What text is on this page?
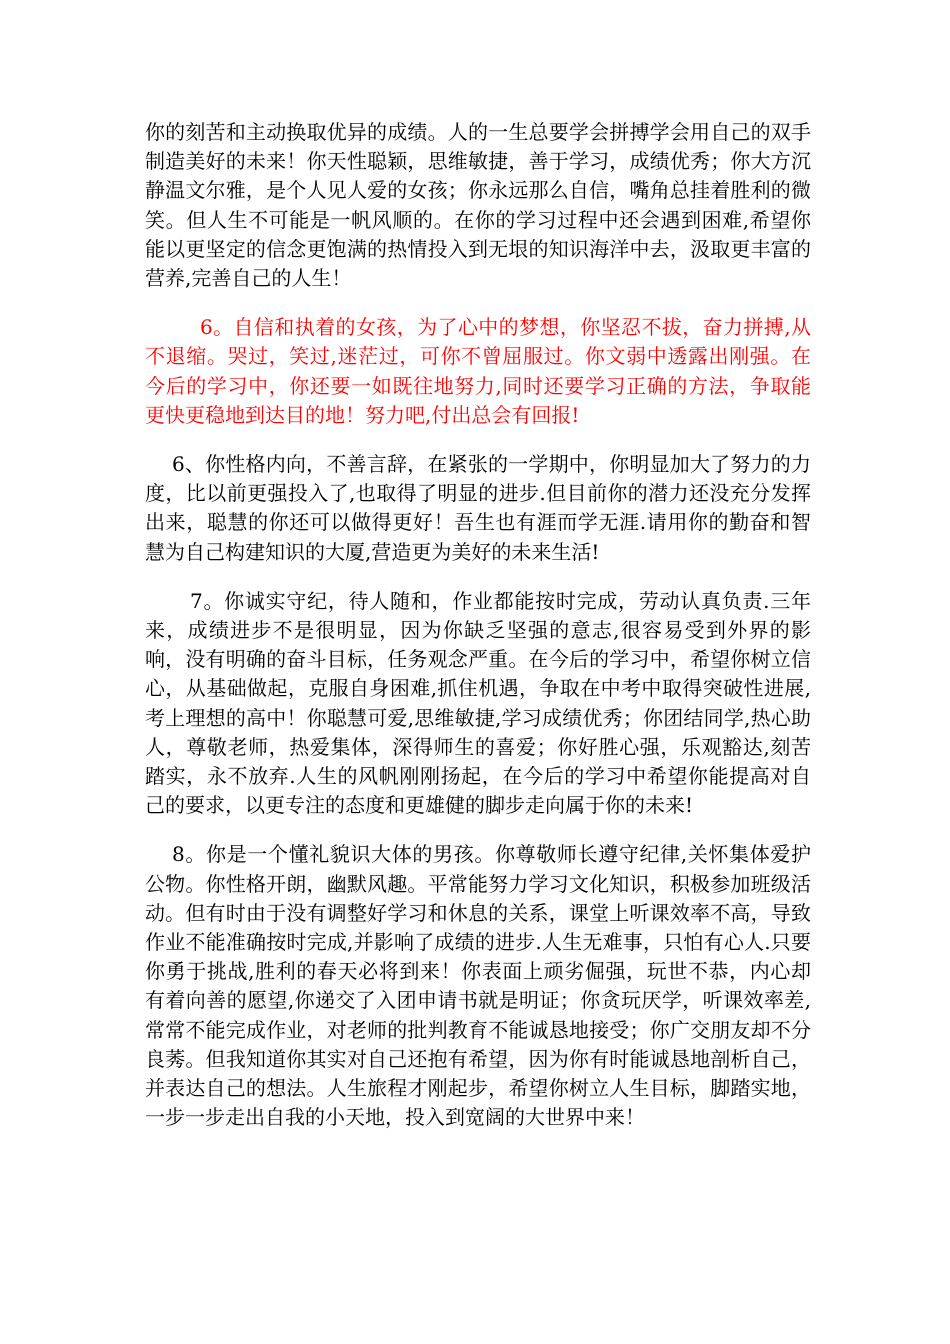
你的刻苦和主动换取优异的成绩。人的一生总要学会拼搏学会用自己的双手制造美好的未来！你天性聪颖，思维敏捷，善于学习，成绩优秀；你大方沉静温文尔雅，是个人见人爱的女孩；你永远那么自信，嘴角总挂着胜利的微笑。但人生不可能是一帆风顺的。在你的学习过程中还会遇到困难,希望你能以更坚定的信念更饱满的热情投入到无垠的知识海洋中去，汲取更丰富的营养,完善自己的人生！

6。自信和执着的女孩，为了心中的梦想，你坚忍不拔，奋力拼搏,从不退缩。哭过，笑过,迷茫过，可你不曾屈服过。你文弱中透露出刚强。在今后的学习中，你还要一如既往地努力,同时还要学习正确的方法，争取能更快更稳地到达目的地！努力吧,付出总会有回报!

6、你性格内向，不善言辞，在紧张的一学期中，你明显加大了努力的力度，比以前更强投入了,也取得了明显的进步.但目前你的潜力还没充分发挥出来，聪慧的你还可以做得更好！吾生也有涯而学无涯.请用你的勤奋和智慧为自己构建知识的大厦,营造更为美好的未来生活!

7。你诚实守纪，待人随和，作业都能按时完成，劳动认真负责.三年来，成绩进步不是很明显，因为你缺乏坚强的意志,很容易受到外界的影响，没有明确的奋斗目标，任务观念严重。在今后的学习中，希望你树立信心，从基础做起，克服自身困难,抓住机遇，争取在中考中取得突破性进展,考上理想的高中！你聪慧可爱,思维敏捷,学习成绩优秀；你团结同学,热心助人，尊敬老师，热爱集体，深得师生的喜爱；你好胜心强，乐观豁达,刻苦踏实，永不放弃.人生的风帆刚刚扬起，在今后的学习中希望你能提高对自己的要求，以更专注的态度和更雄健的脚步走向属于你的未来!

8。你是一个懂礼貌识大体的男孩。你尊敬师长遵守纪律,关怀集体爱护公物。你性格开朗，幽默风趣。平常能努力学习文化知识，积极参加班级活动。但有时由于没有调整好学习和休息的关系，课堂上听课效率不高，导致作业不能准确按时完成,并影响了成绩的进步.人生无难事，只怕有心人.只要你勇于挑战,胜利的春天必将到来！你表面上顽劣倔强，玩世不恭，内心却有着向善的愿望,你递交了入团申请书就是明证；你贪玩厌学，听课效率差,常常不能完成作业，对老师的批判教育不能诚恳地接受；你广交朋友却不分良莠。但我知道你其实对自己还抱有希望，因为你有时能诚恳地剖析自己，并表达自己的想法。人生旅程才刚起步，希望你树立人生目标，脚踏实地，一步一步走出自我的小天地，投入到宽阔的大世界中来！
